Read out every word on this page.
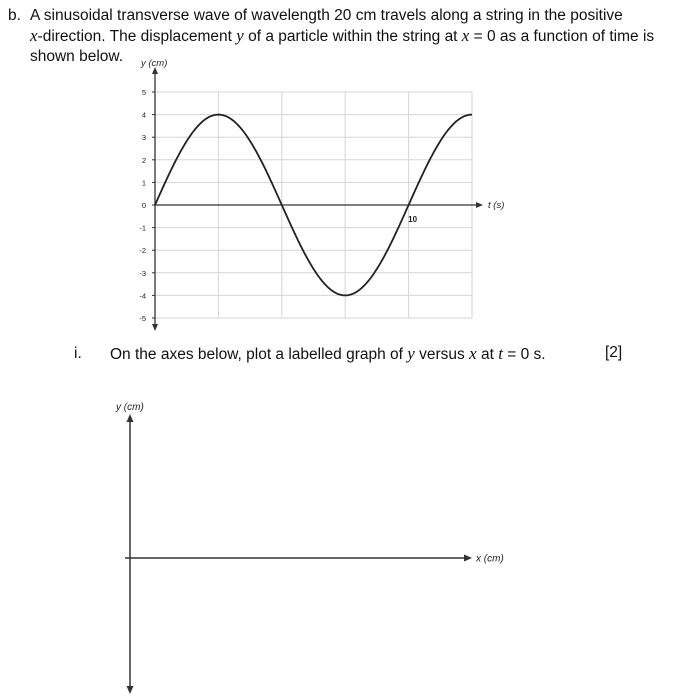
b. A sinusoidal transverse wave of wavelength 20 cm travels along a string in the positive
x-direction. The displacement y of a particle within the string at x = 0 as a function of time is
shown below.
5
4
3
2
1
0
-1
-2
-3
-4
-5
10
y (cm)
t (s)
i. On the axes below, plot a labelled graph of y versus x at t = 0 s.	[2]
y (cm)
x (cm)
